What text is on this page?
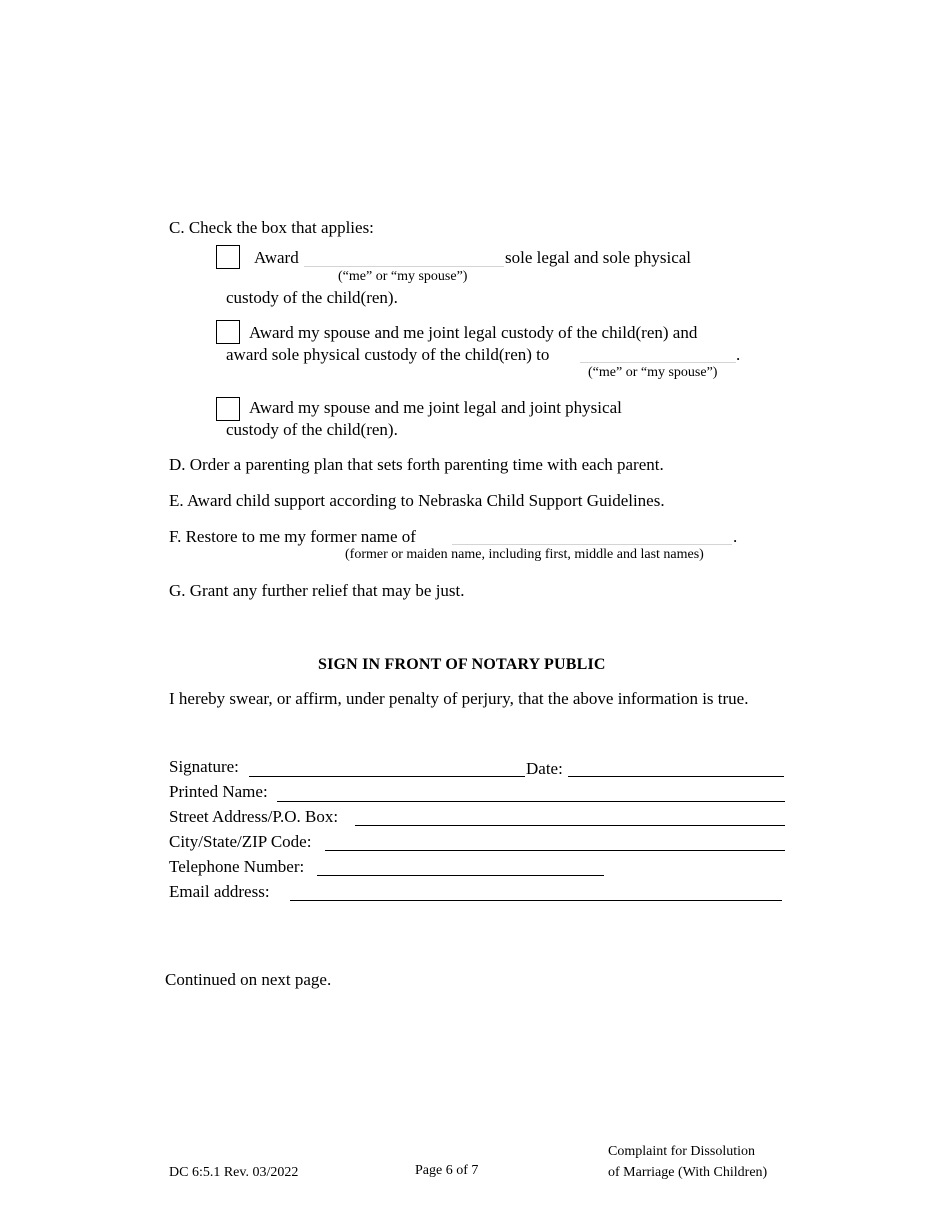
C. Check the box that applies:
Award	sole legal and sole physical
(“me” or “my spouse”)
custody of the child(ren).
Award my spouse and me joint legal custody of the child(ren) and
award sole physical custody of the child(ren) to	.
(“me” or “my spouse”)
Award my spouse and me joint legal and joint physical
custody of the child(ren).
D. Order a parenting plan that sets forth parenting time with each parent.
E. Award child support according to Nebraska Child Support Guidelines.
F. Restore to me my former name of	.
(former or maiden name, including first, middle and last names)
G. Grant any further relief that may be just.
SIGN IN FRONT OF NOTARY PUBLIC
I hereby swear, or affirm, under penalty of perjury, that the above information is true.
Signature:	Date:
Printed Name:
Street Address/P.O. Box:
City/State/ZIP Code:
Telephone Number:
Email address:
Continued on next page.
DC 6:5.1 Rev. 03/2022	Page 6 of 7
Complaint for Dissolution
of Marriage (With Children)
